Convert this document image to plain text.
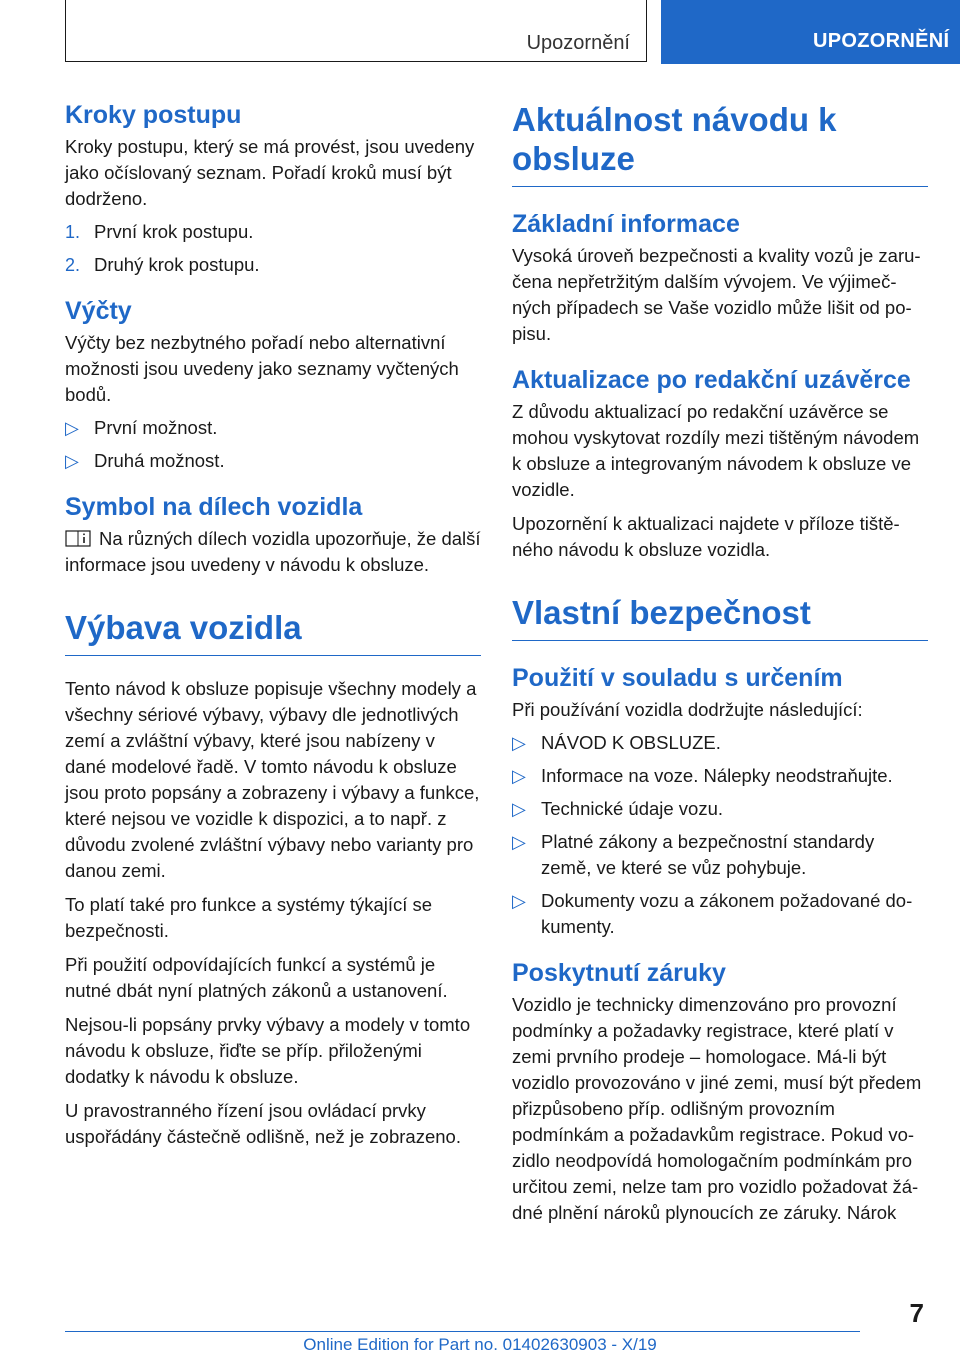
Upozornění	UPOZORNĚNÍ
Kroky postupu

Kroky postupu, který se má provést, jsou uvedeny jako očíslovaný seznam. Pořadí kroků musí být dodrženo.

1. První krok postupu.
2. Druhý krok postupu.
Výčty

Výčty bez nezbytného pořadí nebo alternativní možnosti jsou uvedeny jako seznamy vyčtených bodů.

▷ První možnost.
▷ Druhá možnost.
Symbol na dílech vozidla

Na různých dílech vozidla upozorňuje, že další informace jsou uvedeny v návodu k obsluze.

Výbava vozidla

Tento návod k obsluze popisuje všechny modely a všechny sériové výbavy, výbavy dle jednotlivých zemí a zvláštní výbavy, které jsou nabízeny v dané modelové řadě. V tomto návodu k obsluze jsou proto popsány a zobrazeny i výbavy a funkce, které nejsou ve vozidle k dispozici, a to např. z důvodu zvolené zvláštní výbavy nebo varianty pro danou zemi.

To platí také pro funkce a systémy týkající se bezpečnosti.

Při použití odpovídajících funkcí a systémů je nutné dbát nyní platných zákonů a ustanovení.

Nejsou-li popsány prvky výbavy a modely v tomto návodu k obsluze, řiďte se příp. přiloženými dodatky k návodu k obsluze.

U pravostranného řízení jsou ovládací prvky uspořádány částečně odlišně, než je zobrazeno.

Aktuálnost návodu k obsluze
Základní informace

Vysoká úroveň bezpečnosti a kvality vozů je zaručena nepřetržitým dalším vývojem. Ve výjimečných případech se Vaše vozidlo může lišit od popisu.

Aktualizace po redakční uzávěrce

Z důvodu aktualizací po redakční uzávěrce se mohou vyskytovat rozdíly mezi tištěným návodem k obsluze a integrovaným návodem k obsluze ve vozidle.

Upozornění k aktualizaci najdete v příloze tištěného návodu k obsluze vozidla.

Vlastní bezpečnost
Použití v souladu s určením

Při používání vozidla dodržujte následující:

▷ NÁVOD K OBSLUZE.
▷ Informace na voze. Nálepky neodstraňujte.
▷ Technické údaje vozu.
▷ Platné zákony a bezpečnostní standardy země, ve které se vůz pohybuje.
▷ Dokumenty vozu a zákonem požadované dokumenty.
Poskytnutí záruky

Vozidlo je technicky dimenzováno pro provozní podmínky a požadavky registrace, které platí v zemi prvního prodeje – homologace. Má-li být vozidlo provozováno v jiné zemi, musí být předem přizpůsobeno příp. odlišným provozním podmínkám a požadavkům registrace. Pokud vozidlo neodpovídá homologačním podmínkám pro určitou zemi, nelze tam pro vozidlo požadovat žádné plnění nároků plynoucích ze záruky. Nárok

7
Online Edition for Part no. 01402630903 - X/19
